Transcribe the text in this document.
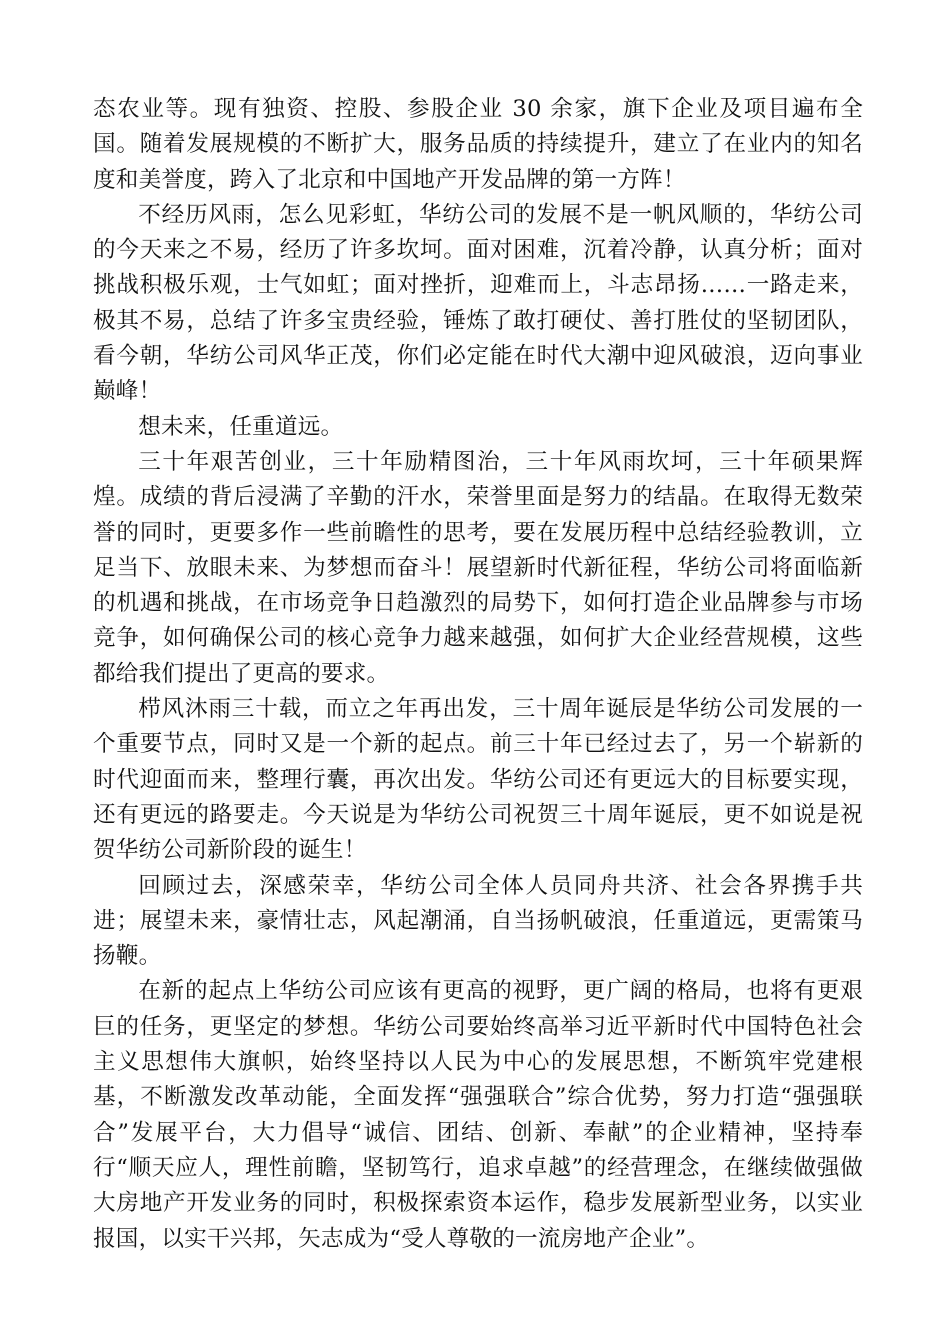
态农业等。现有独资、控股、参股企业 30 余家，旗下企业及项目遍布全国。随着发展规模的不断扩大，服务品质的持续提升，建立了在业内的知名度和美誉度，跨入了北京和中国地产开发品牌的第一方阵！

不经历风雨，怎么见彩虹，华纺公司的发展不是一帆风顺的，华纺公司的今天来之不易，经历了许多坎坷。面对困难，沉着冷静，认真分析；面对挑战积极乐观，士气如虹；面对挫折，迎难而上，斗志昂扬……一路走来，极其不易，总结了许多宝贵经验，锤炼了敢打硬仗、善打胜仗的坚韧团队，看今朝，华纺公司风华正茂，你们必定能在时代大潮中迎风破浪，迈向事业巅峰！

想未来，任重道远。

三十年艰苦创业，三十年励精图治，三十年风雨坎坷，三十年硕果辉煌。成绩的背后浸满了辛勤的汗水，荣誉里面是努力的结晶。在取得无数荣誉的同时，更要多作一些前瞻性的思考，要在发展历程中总结经验教训，立足当下、放眼未来、为梦想而奋斗！展望新时代新征程，华纺公司将面临新的机遇和挑战，在市场竞争日趋激烈的局势下，如何打造企业品牌参与市场竞争，如何确保公司的核心竞争力越来越强，如何扩大企业经营规模，这些都给我们提出了更高的要求。

栉风沐雨三十载，而立之年再出发，三十周年诞辰是华纺公司发展的一个重要节点，同时又是一个新的起点。前三十年已经过去了，另一个崭新的时代迎面而来，整理行囊，再次出发。华纺公司还有更远大的目标要实现，还有更远的路要走。今天说是为华纺公司祝贺三十周年诞辰，更不如说是祝贺华纺公司新阶段的诞生！

回顾过去，深感荣幸，华纺公司全体人员同舟共济、社会各界携手共进；展望未来，豪情壮志，风起潮涌，自当扬帆破浪，任重道远，更需策马扬鞭。

在新的起点上华纺公司应该有更高的视野，更广阔的格局，也将有更艰巨的任务，更坚定的梦想。华纺公司要始终高举习近平新时代中国特色社会主义思想伟大旗帜，始终坚持以人民为中心的发展思想，不断筑牢党建根基，不断激发改革动能，全面发挥“强强联合”综合优势，努力打造“强强联合”发展平台，大力倡导“诚信、团结、创新、奉献”的企业精神，坚持奉行“顺天应人，理性前瞻，坚韧笃行，追求卓越”的经营理念，在继续做强做大房地产开发业务的同时，积极探索资本运作，稳步发展新型业务，以实业报国，以实干兴邦，矢志成为“受人尊敬的一流房地产企业”。
